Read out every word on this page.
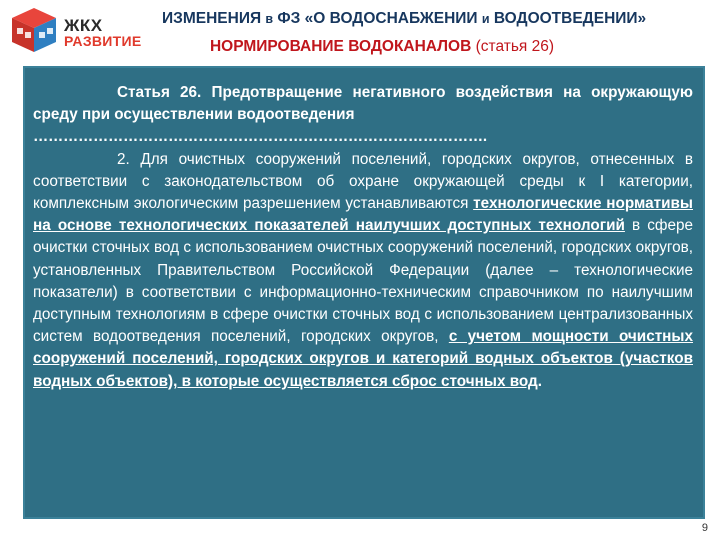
ЖКХ
РАЗВИТИЕ
ИЗМЕНЕНИЯ в ФЗ «О ВОДОСНАБЖЕНИИ и ВОДООТВЕДЕНИИ»
НОРМИРОВАНИЕ ВОДОКАНАЛОВ (статья 26)

Статья 26. Предотвращение негативного воздействия на окружающую среду при осуществлении водоотведения

……………………………………………………………………………….

2. Для очистных сооружений поселений, городских округов, отнесенных в соответствии с законодательством об охране окружающей среды к I категории, комплексным экологическим разрешением устанавливаются технологические нормативы на основе технологических показателей наилучших доступных технологий в сфере очистки сточных вод с использованием очистных сооружений поселений, городских округов, установленных Правительством Российской Федерации (далее – технологические показатели) в соответствии с информационно-техническим справочником по наилучшим доступным технологиям в сфере очистки сточных вод с использованием централизованных систем водоотведения поселений, городских округов, с учетом мощности очистных сооружений поселений, городских округов и категорий водных объектов (участков водных объектов), в которые осуществляется сброс сточных вод.

9
